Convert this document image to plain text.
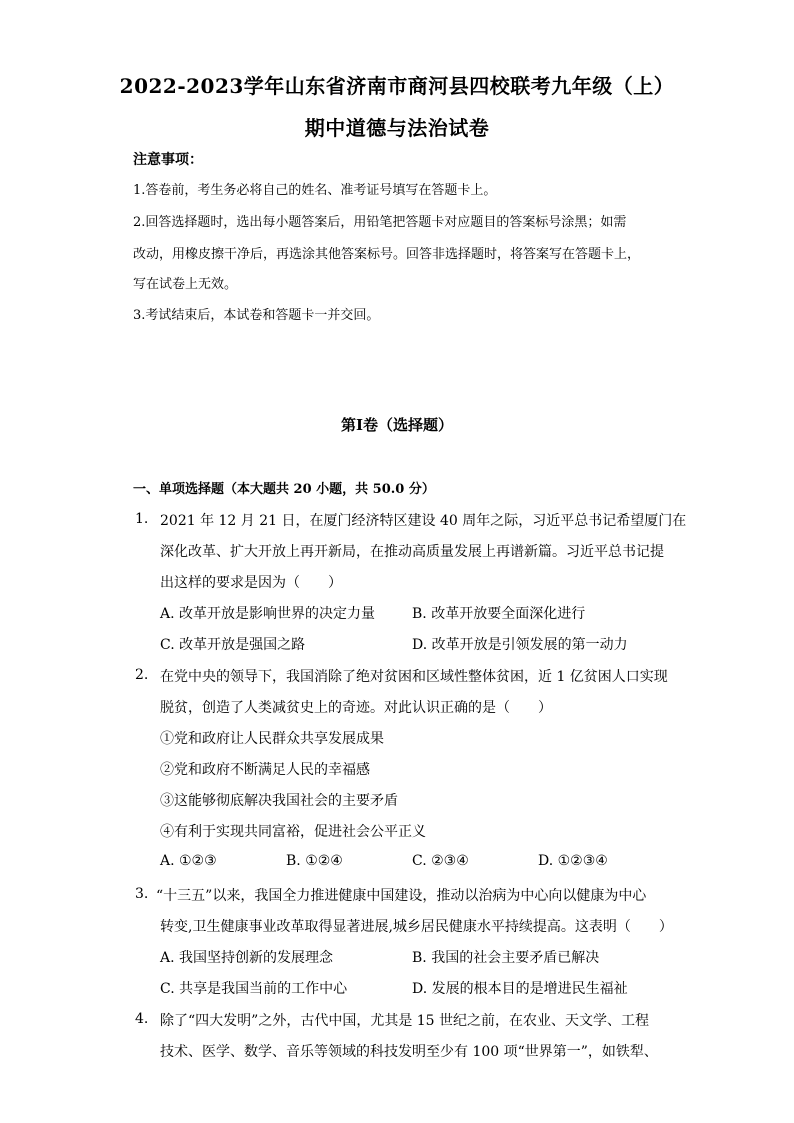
2022-2023学年山东省济南市商河县四校联考九年级（上）
期中道德与法治试卷
注意事项：
1.答卷前，考生务必将自己的姓名、准考证号填写在答题卡上。
2.回答选择题时，选出每小题答案后，用铅笔把答题卡对应题目的答案标号涂黑；如需
改动，用橡皮擦干净后，再选涂其他答案标号。回答非选择题时，将答案写在答题卡上，
写在试卷上无效。
3.考试结束后，本试卷和答题卡一并交回。
第I卷（选择题）
一、单项选择题（本大题共 20 小题，共 50.0 分）
1. 2021 年 12 月 21 日，在厦门经济特区建设 40 周年之际，习近平总书记希望厦门在
深化改革、扩大开放上再开新局，在推动高质量发展上再谱新篇。习近平总书记提
出这样的要求是因为（　　）
A. 改革开放是影响世界的决定力量	B. 改革开放要全面深化进行
C. 改革开放是强国之路	D. 改革开放是引领发展的第一动力
2. 在党中央的领导下，我国消除了绝对贫困和区域性整体贫困，近 1 亿贫困人口实现
脱贫，创造了人类减贫史上的奇迹。对此认识正确的是（　　）
①党和政府让人民群众共享发展成果
②党和政府不断满足人民的幸福感
③这能够彻底解决我国社会的主要矛盾
④有利于实现共同富裕，促进社会公平正义
A. ①②③	B. ①②④	C. ②③④	D. ①②③④
3. “十三五”以来，我国全力推进健康中国建设，推动以治病为中心向以健康为中心
转变,卫生健康事业改革取得显著进展,城乡居民健康水平持续提高。这表明（　　）
A. 我国坚持创新的发展理念	B. 我国的社会主要矛盾已解决
C. 共享是我国当前的工作中心	D. 发展的根本目的是增进民生福祉
4. 除了“四大发明”之外，古代中国，尤其是 15 世纪之前，在农业、天文学、工程
技术、医学、数学、音乐等领域的科技发明至少有 100 项“世界第一”，如铁犁、
